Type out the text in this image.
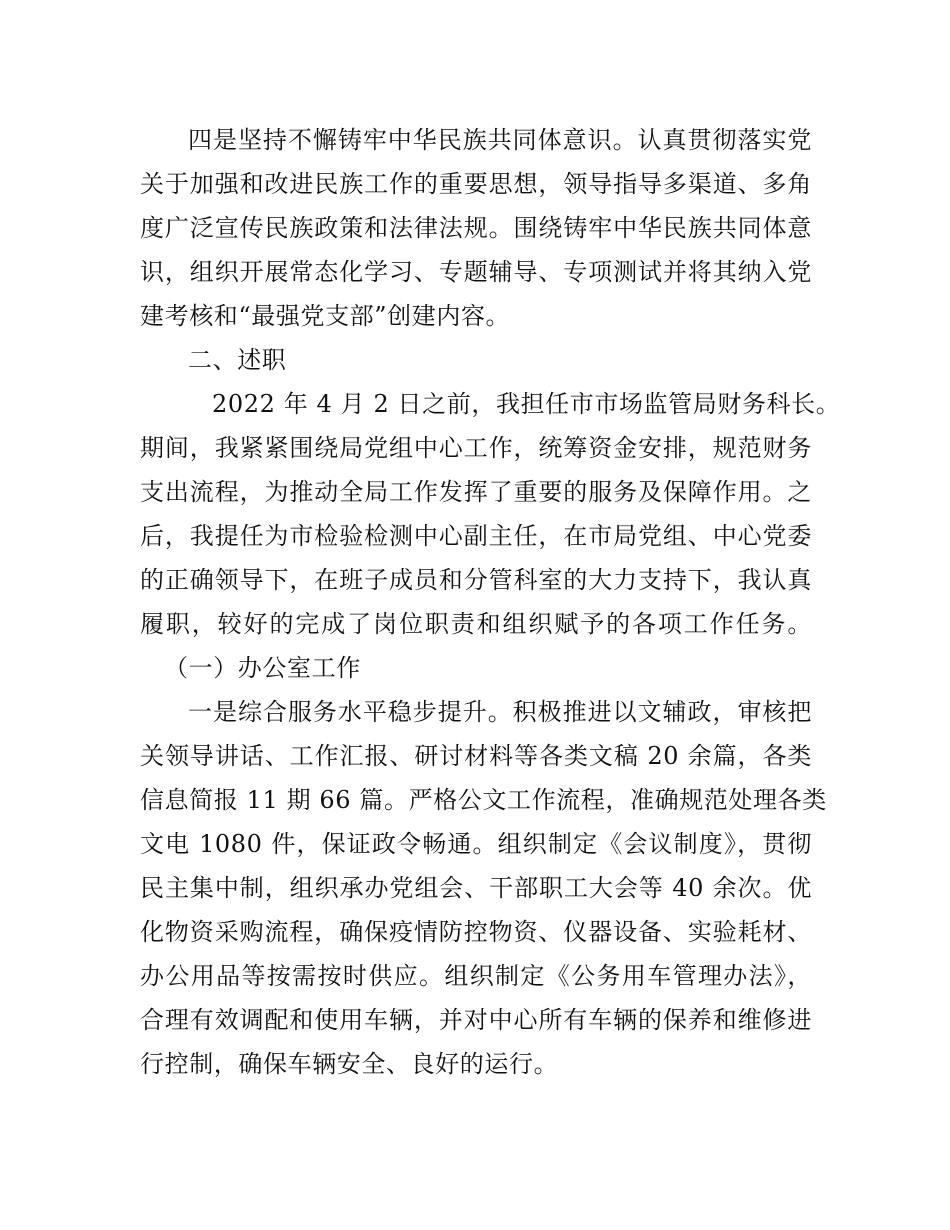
四是坚持不懈铸牢中华民族共同体意识。认真贯彻落实党
关于加强和改进民族工作的重要思想，领导指导多渠道、多角
度广泛宣传民族政策和法律法规。围绕铸牢中华民族共同体意
识，组织开展常态化学习、专题辅导、专项测试并将其纳入党
建考核和“最强党支部”创建内容。
二、述职
2022 年 4 月 2 日之前，我担任市市场监管局财务科长。
期间，我紧紧围绕局党组中心工作，统筹资金安排，规范财务
支出流程，为推动全局工作发挥了重要的服务及保障作用。之
后，我提任为市检验检测中心副主任，在市局党组、中心党委
的正确领导下，在班子成员和分管科室的大力支持下，我认真
履职，较好的完成了岗位职责和组织赋予的各项工作任务。
（一）办公室工作
一是综合服务水平稳步提升。积极推进以文辅政，审核把
关领导讲话、工作汇报、研讨材料等各类文稿 20 余篇，各类
信息简报 11 期 66 篇。严格公文工作流程，准确规范处理各类
文电 1080 件，保证政令畅通。组织制定《会议制度》，贯彻
民主集中制，组织承办党组会、干部职工大会等 40 余次。优
化物资采购流程，确保疫情防控物资、仪器设备、实验耗材、
办公用品等按需按时供应。组织制定《公务用车管理办法》，
合理有效调配和使用车辆，并对中心所有车辆的保养和维修进
行控制，确保车辆安全、良好的运行。
